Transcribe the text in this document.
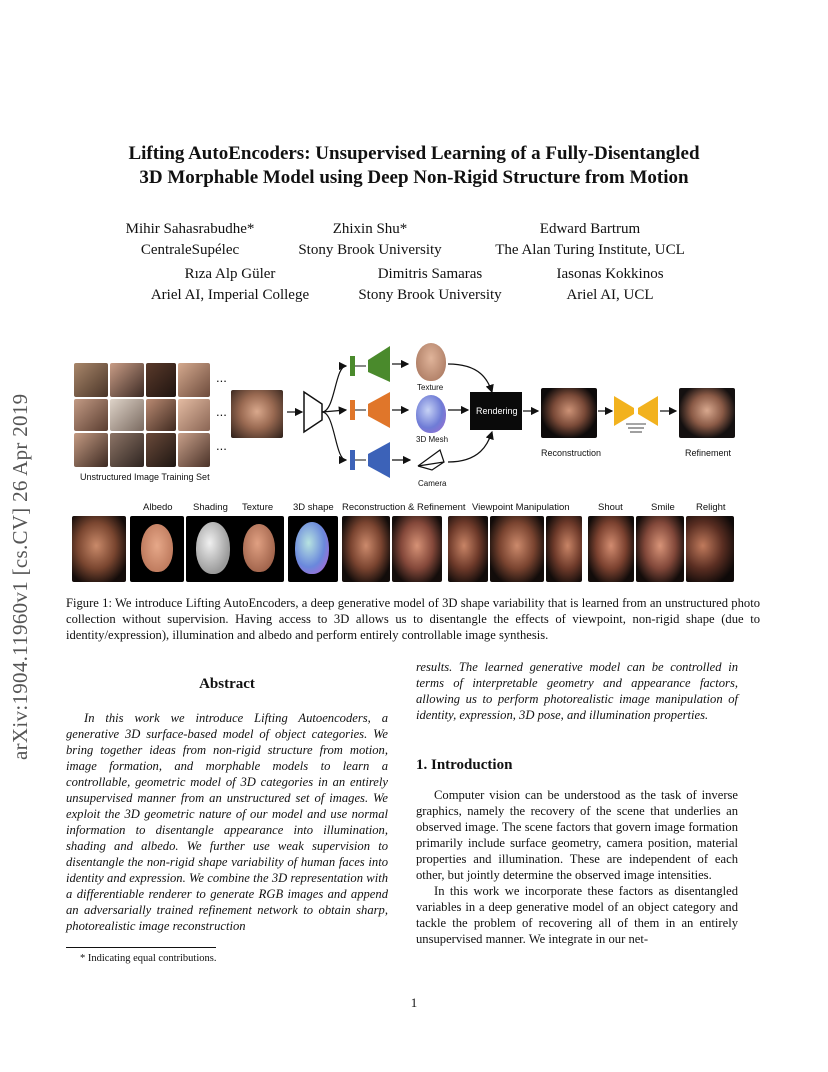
arXiv:1904.11960v1 [cs.CV] 26 Apr 2019
Lifting AutoEncoders: Unsupervised Learning of a Fully-Disentangled
3D Morphable Model using Deep Non-Rigid Structure from Motion
Mihir Sahasrabudhe*
CentraleSupélec
Zhixin Shu*
Stony Brook University
Edward Bartrum
The Alan Turing Institute, UCL
Rıza Alp Güler
Ariel AI, Imperial College
Dimitris Samaras
Stony Brook University
Iasonas Kokkinos
Ariel AI, UCL
...
...
...
Unstructured Image Training Set
Texture
3D Mesh
Camera
Rendering
Reconstruction	Refinement
Albedo Shading Texture 3D shape Reconstruction & Refinement Viewpoint Manipulation	Shout	Smile Relight
Figure 1: We introduce Lifting AutoEncoders, a deep generative model of 3D shape variability that is learned from an unstructured photo collection without supervision. Having access to 3D allows us to disentangle the effects of viewpoint, non-rigid shape (due to identity/expression), illumination and albedo and perform entirely controllable image synthesis.
Abstract
In this work we introduce Lifting Autoencoders, a generative 3D surface-based model of object categories. We bring together ideas from non-rigid structure from motion, image formation, and morphable models to learn a controllable, geometric model of 3D categories in an entirely unsupervised manner from an unstructured set of images. We exploit the 3D geometric nature of our model and use normal information to disentangle appearance into illumination, shading and albedo. We further use weak supervision to disentangle the non-rigid shape variability of human faces into identity and expression. We combine the 3D representation with a differentiable renderer to generate RGB images and append an adversarially trained refinement network to obtain sharp, photorealistic image reconstruction
* Indicating equal contributions.
results. The learned generative model can be controlled in terms of interpretable geometry and appearance factors, allowing us to perform photorealistic image manipulation of identity, expression, 3D pose, and illumination properties.
1. Introduction
Computer vision can be understood as the task of inverse graphics, namely the recovery of the scene that underlies an observed image. The scene factors that govern image formation primarily include surface geometry, camera position, material properties and illumination. These are independent of each other, but jointly determine the observed image intensities.
In this work we incorporate these factors as disentangled variables in a deep generative model of an object category and tackle the problem of recovering all of them in an entirely unsupervised manner. We integrate in our net-
1
